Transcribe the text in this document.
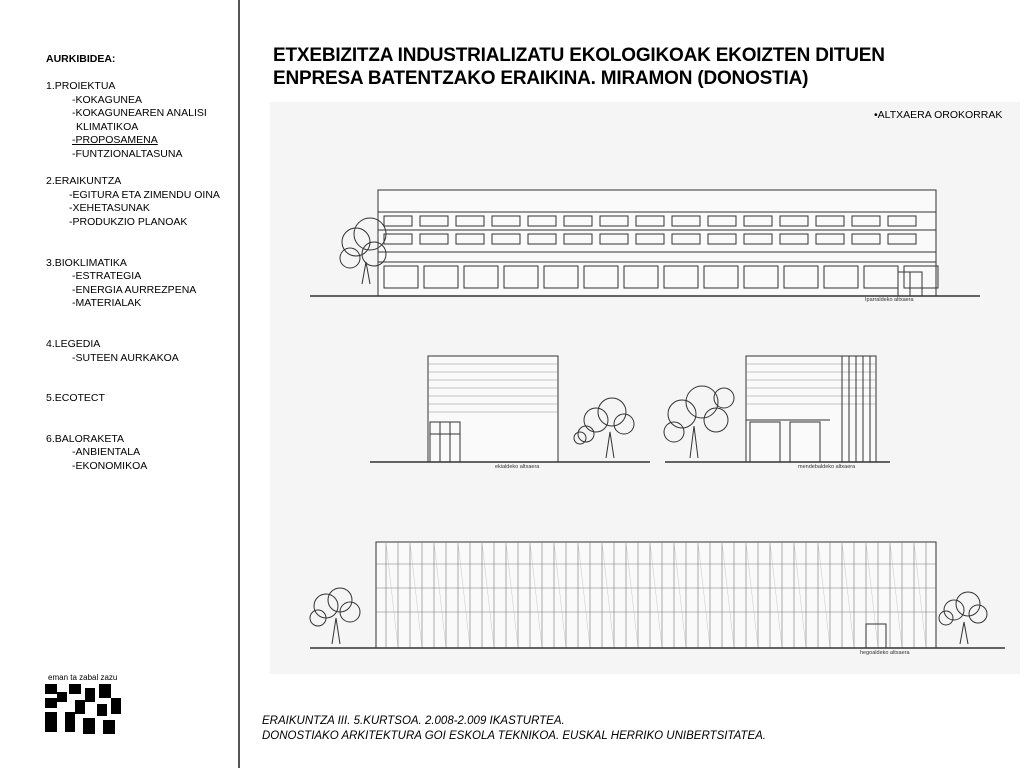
AURKIBIDEA:
1.PROIEKTUA
-KOKAGUNEA
-KOKAGUNEAREN ANALISI
KLIMATIKOA
-PROPOSAMENA
-FUNTZIONALTASUNA
2.ERAIKUNTZA
-EGITURA ETA ZIMENDU OINA
-XEHETASUNAK
-PRODUKZIO PLANOAK
3.BIOKLIMATIKA
-ESTRATEGIA
-ENERGIA AURREZPENA
-MATERIALAK
4.LEGEDIA
-SUTEEN AURKAKOA
5.ECOTECT
6.BALORAKETA
-ANBIENTALA
-EKONOMIKOA
eman ta zabal zazu
ETXEBIZITZA INDUSTRIALIZATU EKOLOGIKOAK EKOIZTEN DITUEN
ENPRESA BATENTZAKO ERAIKINA. MIRAMON (DONOSTIA)
Iparraldeko altxaera
ekialdeko altxaera	mendebaldeko altxaera
hegoaldeko altxaera
•ALTXAERA OROKORRAK
ERAIKUNTZA III. 5.KURTSOA. 2.008-2.009 IKASTURTEA.
DONOSTIAKO ARKITEKTURA GOI ESKOLA TEKNIKOA. EUSKAL HERRIKO UNIBERTSITATEA.
